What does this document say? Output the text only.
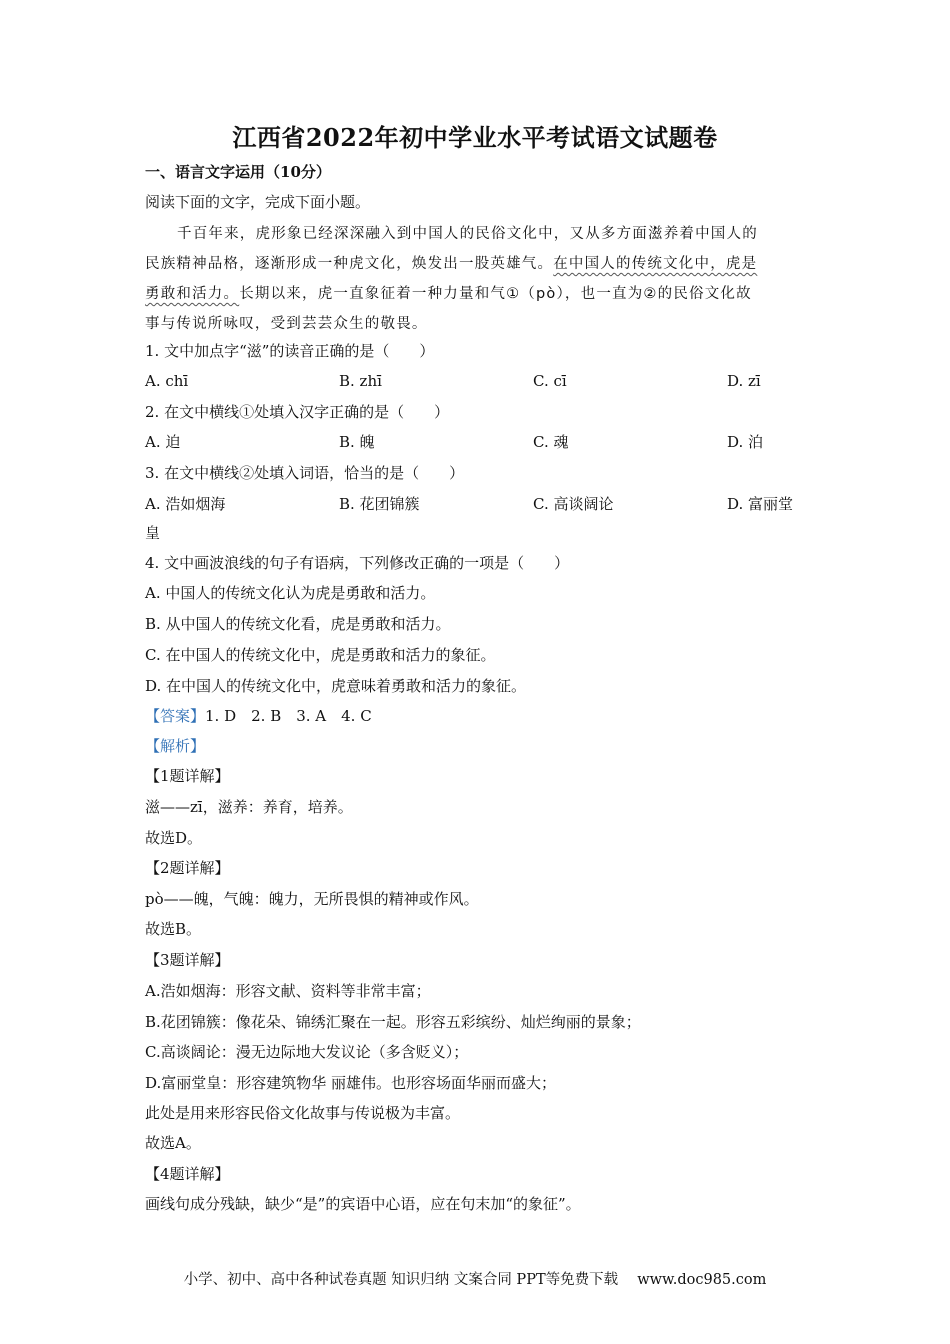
江西省2022年初中学业水平考试语文试题卷
一、语言文字运用（10分）
阅读下面的文字，完成下面小题。
千百年来，虎形象已经深深融入到中国人的民俗文化中，又从多方面滋养着中国人的
民族精神品格，逐渐形成一种虎文化，焕发出一股英雄气。在中国人的传统文化中，虎是
勇敢和活力。长期以来，虎一直象征着一种力量和气①（pò），也一直为②的民俗文化故
事与传说所咏叹，受到芸芸众生的敬畏。
1. 文中加点字“滋”的读音正确的是（　　）
A. chī	B. zhī	C. cī	D. zī
2. 在文中横线①处填入汉字正确的是（　　）
A. 迫	B. 魄	C. 魂	D. 泊
3. 在文中横线②处填入词语，恰当的是（　　）
A. 浩如烟海	B. 花团锦簇	C. 高谈阔论	D. 富丽堂
皇
4. 文中画波浪线的句子有语病，下列修改正确的一项是（　　）
A. 中国人的传统文化认为虎是勇敢和活力。
B. 从中国人的传统文化看，虎是勇敢和活力。
C. 在中国人的传统文化中，虎是勇敢和活力的象征。
D. 在中国人的传统文化中，虎意味着勇敢和活力的象征。
【答案】1. D　2. B　3. A　4. C
【解析】
【1题详解】
滋——zī，滋养：养育，培养。
故选D。
【2题详解】
pò——魄，气魄：魄力，无所畏惧的精神或作风。
故选B。
【3题详解】
A.浩如烟海：形容文献、资料等非常丰富；
B.花团锦簇：像花朵、锦绣汇聚在一起。形容五彩缤纷、灿烂绚丽的景象；
C.高谈阔论：漫无边际地大发议论（多含贬义）；
D.富丽堂皇：形容建筑物华 丽雄伟。也形容场面华丽而盛大；
此处是用来形容民俗文化故事与传说极为丰富。
故选A。
【4题详解】
画线句成分残缺，缺少“是”的宾语中心语，应在句末加“的象征”。
小学、初中、高中各种试卷真题 知识归纳 文案合同 PPT等免费下载　 www.doc985.com
